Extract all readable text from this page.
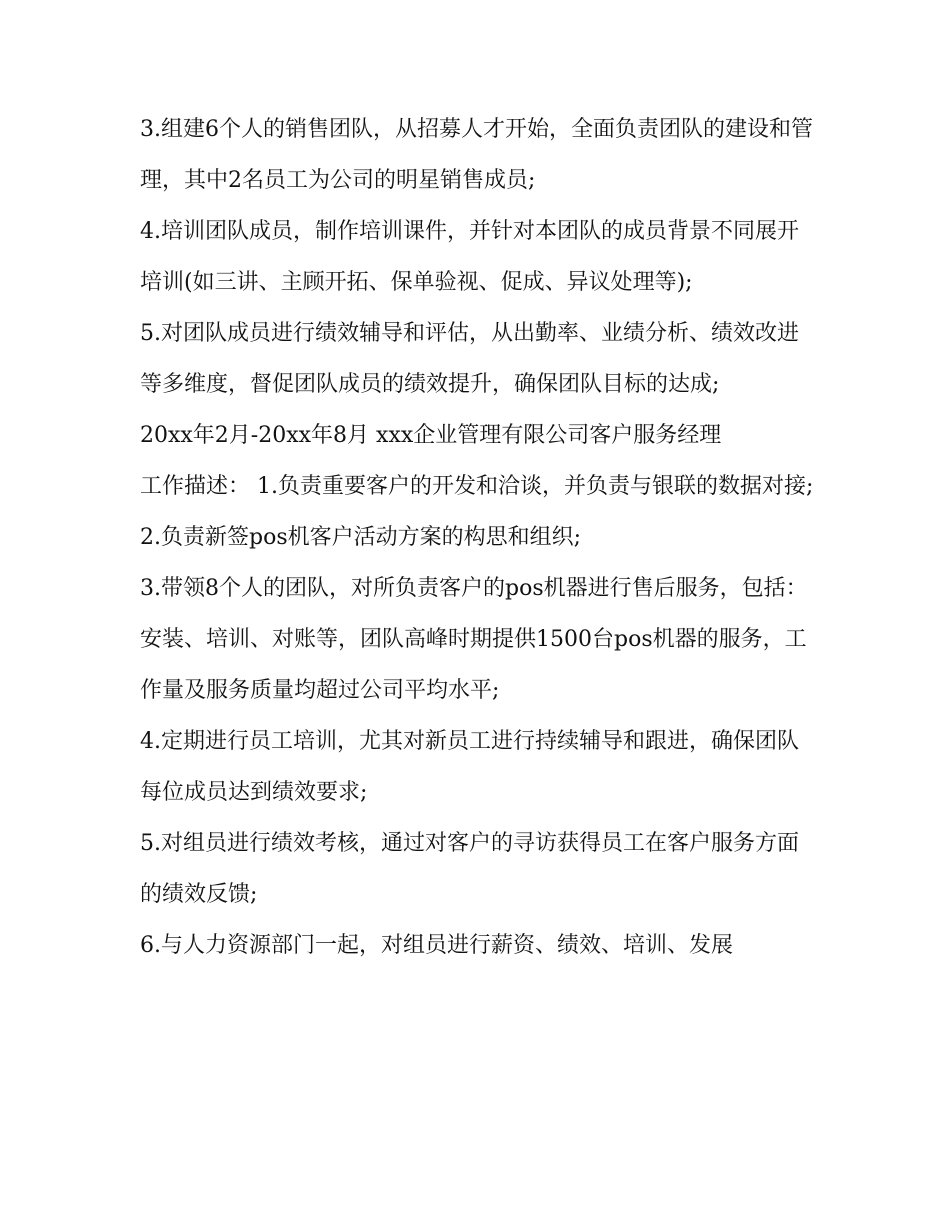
3.组建6个人的销售团队，从招募人才开始，全面负责团队的建设和管理，其中2名员工为公司的明星销售成员;

4.培训团队成员，制作培训课件，并针对本团队的成员背景不同展开培训(如三讲、主顾开拓、保单验视、促成、异议处理等);

5.对团队成员进行绩效辅导和评估，从出勤率、业绩分析、绩效改进等多维度，督促团队成员的绩效提升，确保团队目标的达成;

20xx年2月-20xx年8月 xxx企业管理有限公司客户服务经理

工作描述： 1.负责重要客户的开发和洽谈，并负责与银联的数据对接;

2.负责新签pos机客户活动方案的构思和组织;

3.带领8个人的团队，对所负责客户的pos机器进行售后服务，包括：安装、培训、对账等，团队高峰时期提供1500台pos机器的服务，工作量及服务质量均超过公司平均水平;

4.定期进行员工培训，尤其对新员工进行持续辅导和跟进，确保团队每位成员达到绩效要求;

5.对组员进行绩效考核，通过对客户的寻访获得员工在客户服务方面的绩效反馈;

6.与人力资源部门一起，对组员进行薪资、绩效、培训、发展
